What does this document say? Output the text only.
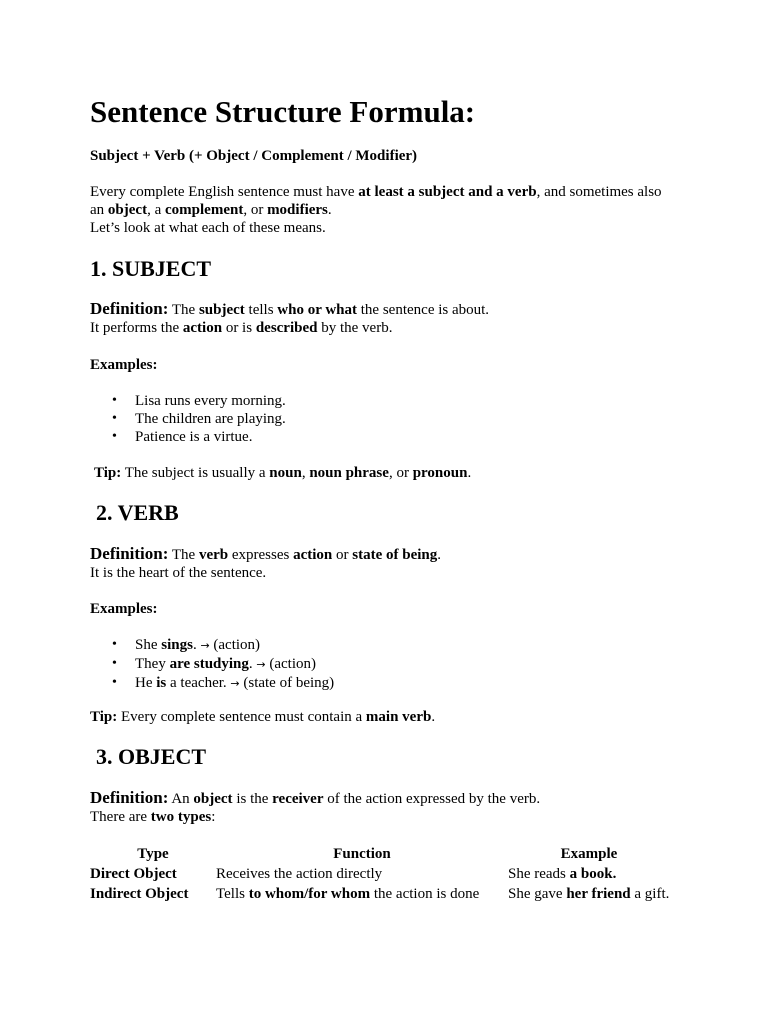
Sentence Structure Formula:
Subject + Verb (+ Object / Complement / Modifier)
Every complete English sentence must have at least a subject and a verb, and sometimes also
an object, a complement, or modifiers.
Let’s look at what each of these means.
1. SUBJECT
Definition: The subject tells who or what the sentence is about.
It performs the action or is described by the verb.
Examples:
• Lisa runs every morning.
• The children are playing.
• Patience is a virtue.
Tip: The subject is usually a noun, noun phrase, or pronoun.
2. VERB
Definition: The verb expresses action or state of being.
It is the heart of the sentence.
Examples:
• She sings. → (action)
• They are studying. → (action)
• He is a teacher. → (state of being)
Tip: Every complete sentence must contain a main verb.
3. OBJECT
Definition: An object is the receiver of the action expressed by the verb.
There are two types:
Type	Function	Example
Direct Object	Receives the action directly	She reads a book.
Indirect Object	Tells to whom/for whom the action is done	She gave her friend a gift.
